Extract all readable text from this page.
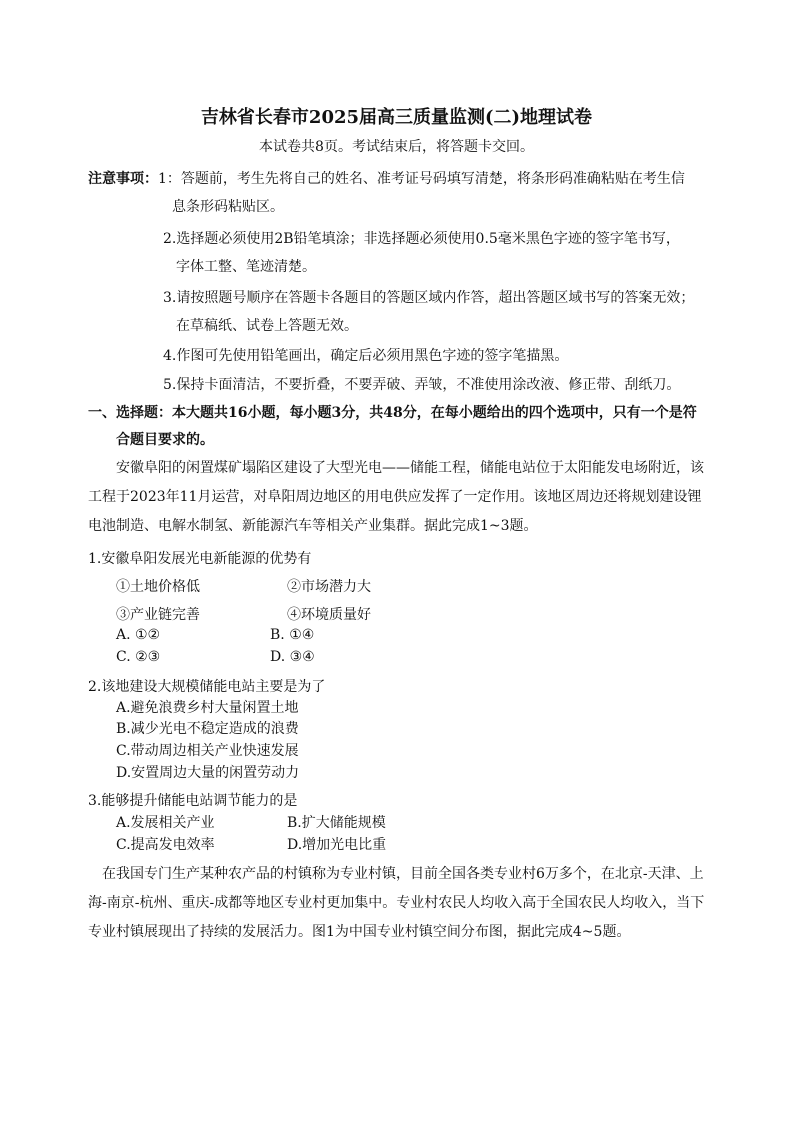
吉林省长春市2025届高三质量监测(二)地理试卷
本试卷共8页。考试结束后，将答题卡交回。
注意事项： 1：答题前，考生先将自己的姓名、准考证号码填写清楚，将条形码准确粘贴在考生信
息条形码粘贴区。
2.选择题必须使用2B铅笔填涂；非选择题必须使用0.5毫米黑色字迹的签字笔书写，
字体工整、笔迹清楚。
3.请按照题号顺序在答题卡各题目的答题区域内作答，超出答题区域书写的答案无效；
在草稿纸、试卷上答题无效。
4.作图可先使用铅笔画出，确定后必须用黑色字迹的签字笔描黑。
5.保持卡面清洁，不要折叠，不要弄破、弄皱，不准使用涂改液、修正带、刮纸刀。
一、选择题：本大题共16小题，每小题3分，共48分，在每小题给出的四个选项中，只有一个是符
合题目要求的。
安徽阜阳的闲置煤矿塌陷区建设了大型光电——储能工程，储能电站位于太阳能发电场附近，该工程于2023年11月运营，对阜阳周边地区的用电供应发挥了一定作用。该地区周边还将规划建设锂电池制造、电解水制氢、新能源汽车等相关产业集群。据此完成1~3题。
1.安徽阜阳发展光电新能源的优势有
①土地价格低	②市场潜力大
③产业链完善	④环境质量好
A. ①②	B. ①④
C. ②③	D. ③④
2.该地建设大规模储能电站主要是为了
A.避免浪费乡村大量闲置土地
B.减少光电不稳定造成的浪费
C.带动周边相关产业快速发展
D.安置周边大量的闲置劳动力
3.能够提升储能电站调节能力的是
A.发展相关产业	B.扩大储能规模
C.提高发电效率	D.增加光电比重
在我国专门生产某种农产品的村镇称为专业村镇，目前全国各类专业村6万多个，在北京-天津、上海-南京-杭州、重庆-成都等地区专业村更加集中。专业村农民人均收入高于全国农民人均收入，当下专业村镇展现出了持续的发展活力。图1为中国专业村镇空间分布图，据此完成4~5题。
